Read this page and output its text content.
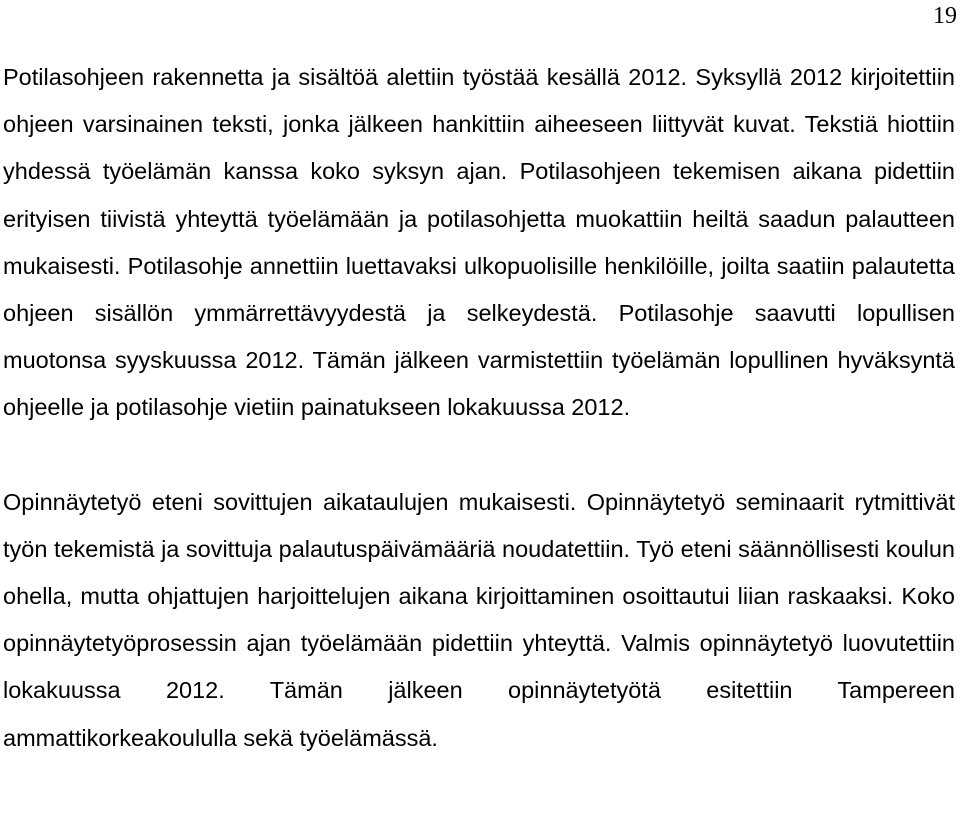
19

Potilasohjeen rakennetta ja sisältöä alettiin työstää kesällä 2012. Syksyllä 2012 kirjoitettiin ohjeen varsinainen teksti, jonka jälkeen hankittiin aiheeseen liittyvät kuvat. Tekstiä hiottiin yhdessä työelämän kanssa koko syksyn ajan. Potilasohjeen tekemisen aikana pidettiin erityisen tiivistä yhteyttä työelämään ja potilasohjetta muokattiin heiltä saadun palautteen mukaisesti. Potilasohje annettiin luettavaksi ulkopuolisille henkilöille, joilta saatiin palautetta ohjeen sisällön ymmärrettävyydestä ja selkeydestä. Potilasohje saavutti lopullisen muotonsa syyskuussa 2012. Tämän jälkeen varmistettiin työelämän lopullinen hyväksyntä ohjeelle ja potilasohje vietiin painatukseen lokakuussa 2012.

Opinnäytetyö eteni sovittujen aikataulujen mukaisesti. Opinnäytetyö seminaarit rytmittivät työn tekemistä ja sovittuja palautuspäivämääriä noudatettiin. Työ eteni säännöllisesti koulun ohella, mutta ohjattujen harjoittelujen aikana kirjoittaminen osoittautui liian raskaaksi. Koko opinnäytetyöprosessin ajan työelämään pidettiin yhteyttä. Valmis opinnäytetyö luovutettiin lokakuussa 2012. Tämän jälkeen opinnäytetyötä esitettiin Tampereen ammattikorkeakoululla sekä työelämässä.
